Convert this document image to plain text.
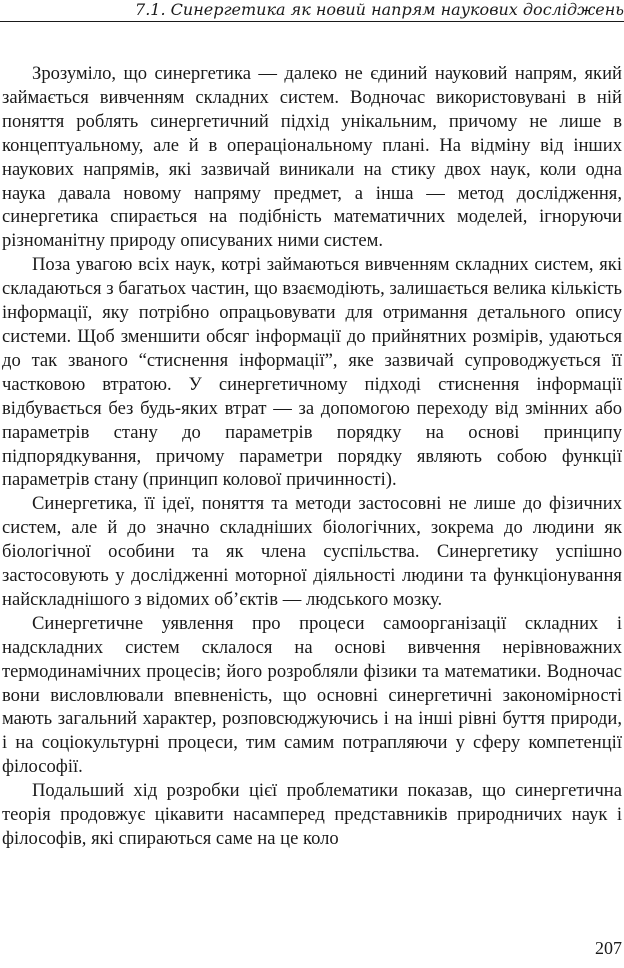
7.1. Синергетика як новий напрям наукових досліджень

Зрозуміло, що синергетика — далеко не єдиний науковий напрям, який займається вивченням складних систем. Водночас використовувані в ній поняття роблять синергетичний підхід унікальним, причому не лише в концептуальному, але й в операціональному плані. На відміну від інших наукових напрямів, які зазвичай виникали на стику двох наук, коли одна наука давала новому напряму предмет, а інша — метод дослідження, синергетика спирається на подібність математичних моделей, ігноруючи різноманітну природу описуваних ними систем.

Поза увагою всіх наук, котрі займаються вивченням складних систем, які складаються з багатьох частин, що взаємодіють, залишається велика кількість інформації, яку потрібно опрацьовувати для отримання детального опису системи. Щоб зменшити обсяг інформації до прийнятних розмірів, удаються до так званого “стиснення інформації”, яке зазвичай супроводжується її частковою втратою. У синергетичному підході стиснення інформації відбувається без будь-яких втрат — за допомогою переходу від змінних або параметрів стану до параметрів порядку на основі принципу підпорядкування, причому параметри порядку являють собою функції параметрів стану (принцип колової причинності).

Синергетика, її ідеї, поняття та методи застосовні не лише до фізичних систем, але й до значно складніших біологічних, зокрема до людини як біологічної особини та як члена суспільства. Синергетику успішно застосовують у дослідженні моторної діяльності людини та функціонування найскладнішого з відомих об’єктів — людського мозку.

Синергетичне уявлення про процеси самоорганізації складних і надскладних систем склалося на основі вивчення нерівноважних термодинамічних процесів; його розробляли фізики та математики. Водночас вони висловлювали впевненість, що основні синергетичні закономірності мають загальний характер, розповсюджуючись і на інші рівні буття природи, і на соціокультурні процеси, тим самим потрапляючи у сферу компетенції філософії.

Подальший хід розробки цієї проблематики показав, що синергетична теорія продовжує цікавити насамперед представників природничих наук і філософів, які спираються саме на це коло

207
